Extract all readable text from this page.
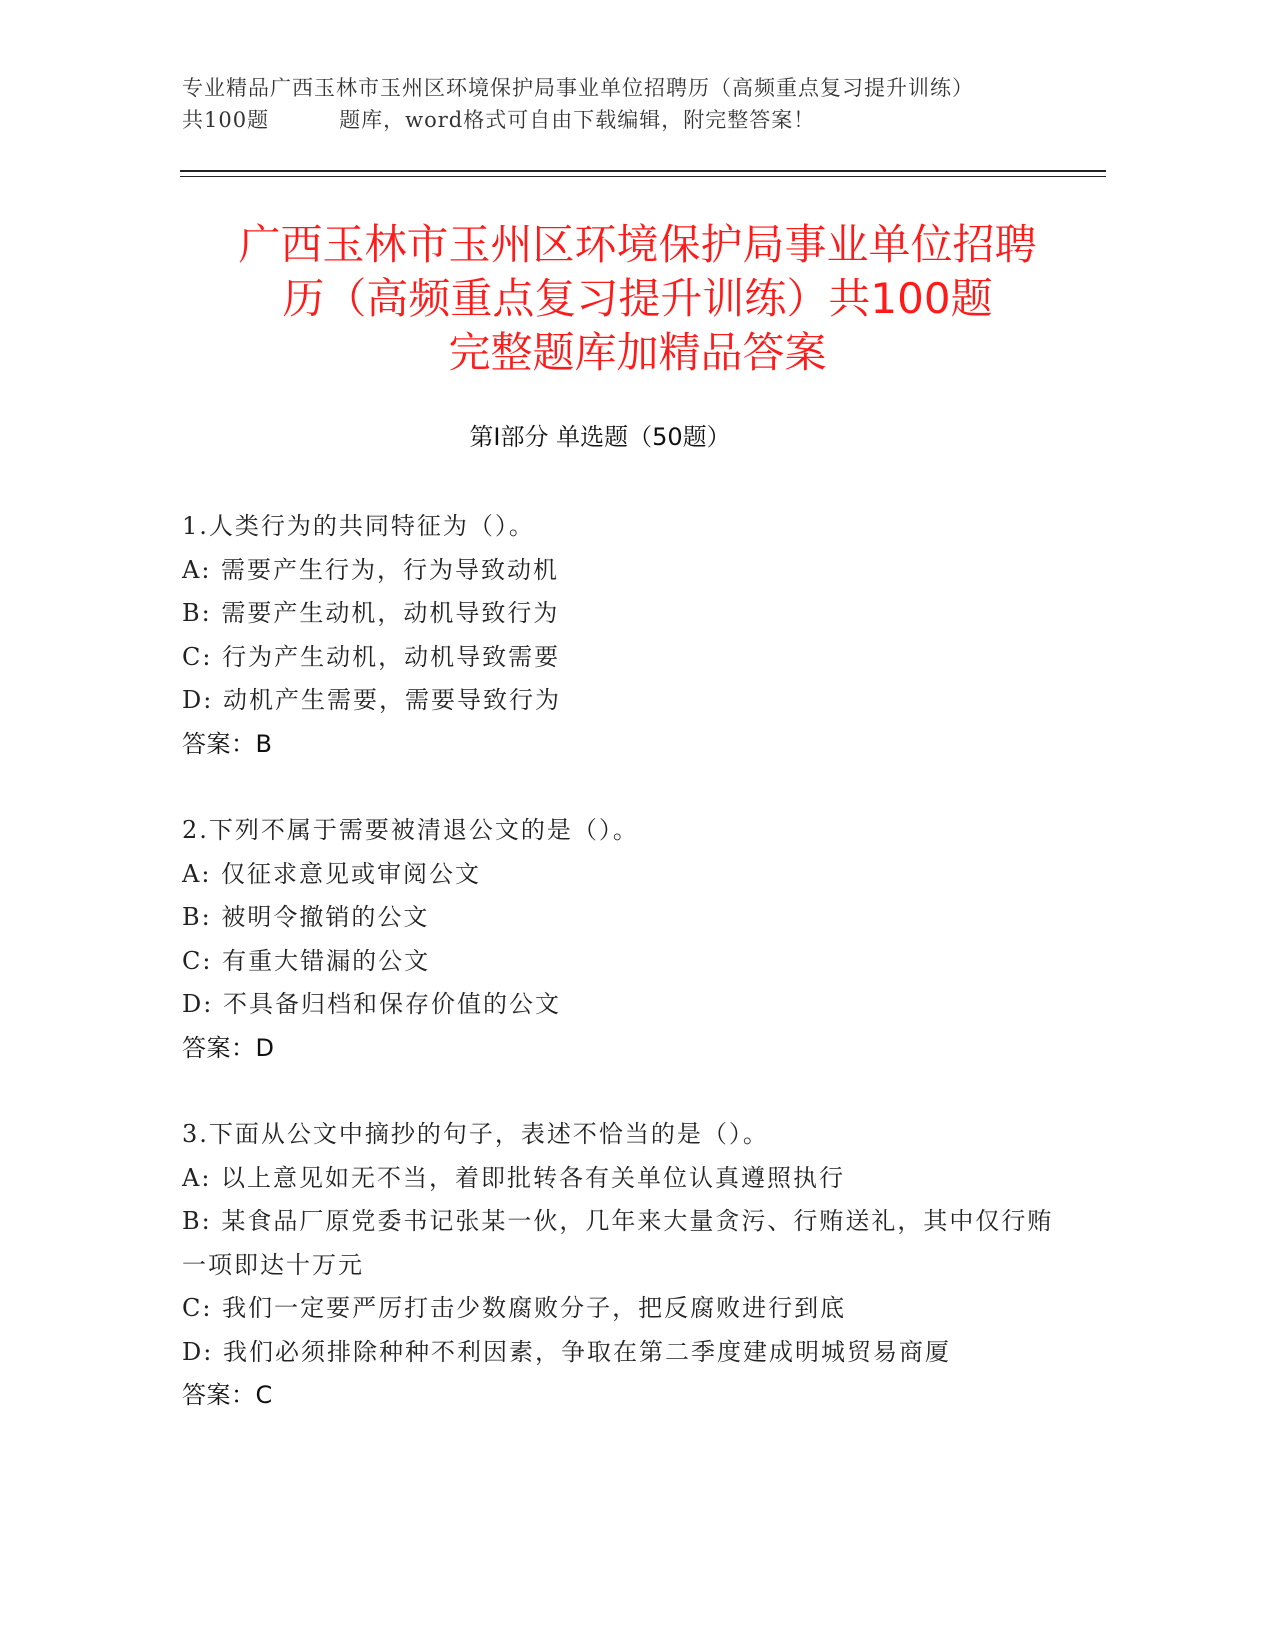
专业精品广西玉林市玉州区环境保护局事业单位招聘历（高频重点复习提升训练）
共100题	题库，word格式可自由下载编辑，附完整答案！
广西玉林市玉州区环境保护局事业单位招聘
历（高频重点复习提升训练）共100题
完整题库加精品答案
第Ⅰ部分 单选题（50题）
1.人类行为的共同特征为（）。
A: 需要产生行为，行为导致动机
B: 需要产生动机，动机导致行为
C: 行为产生动机，动机导致需要
D: 动机产生需要，需要导致行为
答案：B
2.下列不属于需要被清退公文的是（）。
A: 仅征求意见或审阅公文
B: 被明令撤销的公文
C: 有重大错漏的公文
D: 不具备归档和保存价值的公文
答案：D
3.下面从公文中摘抄的句子，表述不恰当的是（）。
A: 以上意见如无不当，着即批转各有关单位认真遵照执行
B: 某食品厂原党委书记张某一伙，几年来大量贪污、行贿送礼，其中仅行贿一项即达十万元
C: 我们一定要严厉打击少数腐败分子，把反腐败进行到底
D: 我们必须排除种种不利因素，争取在第二季度建成明城贸易商厦
答案：C
